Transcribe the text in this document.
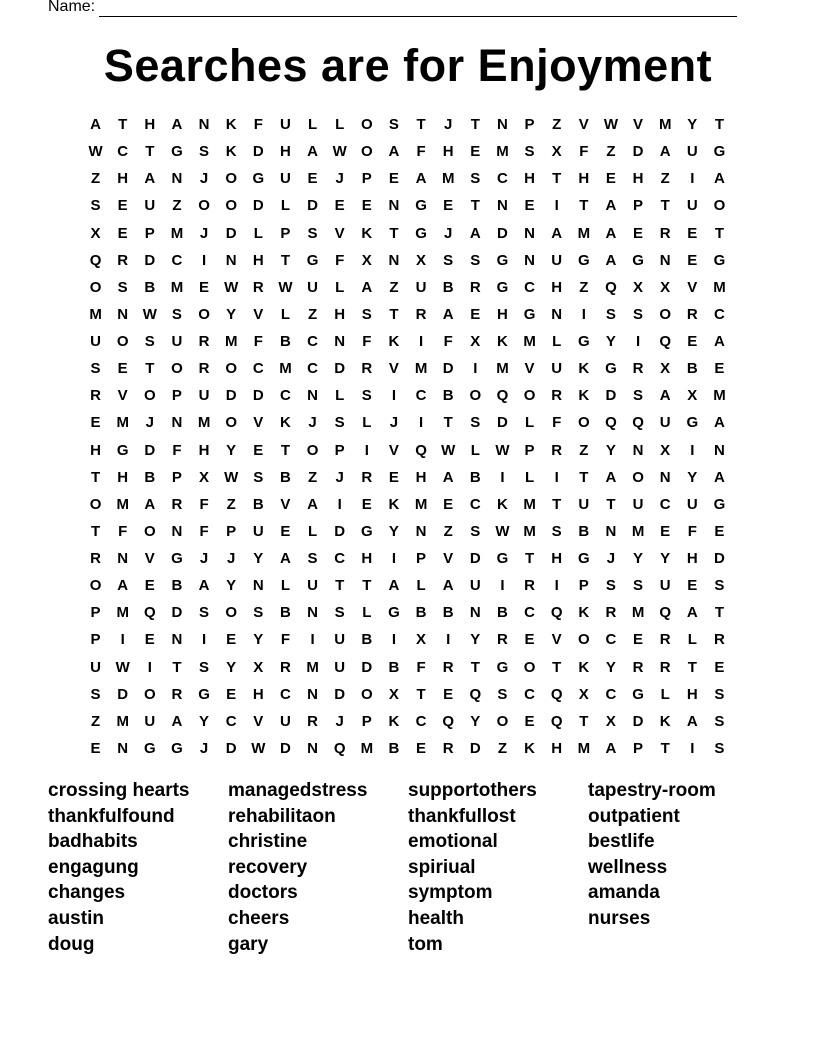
Name:
Searches are for Enjoyment
A	T	H	A	N	K	F	U	L	L	O	S	T	J	T	N	P	Z	V	W	V	M	Y	T
W C	T	G	S	K	D	H	A W O	A	F	H	E	M	S	X	F	Z	D	A	U	G
Z	H	A	N	J	O	G	U	E	J	P	E	A	M	S	C	H	T	H	E	H	Z	I	A
S	E	U	Z	O	O	D	L	D	E	E	N	G	E	T	N	E	I	T	A	P	T	U	O
X	E	P	M	J	D	L	P	S	V	K	T	G	J	A	D	N	A	M	A	E	R	E	T
Q	R	D	C	I	N	H	T	G	F	X	N	X	S	S	G	N	U	G	A	G	N	E	G
O	S	B	M	E	W R W U	L	A	Z	U	B	R	G	C	H	Z	Q	X	X	V	M
M	N W	S	O	Y	V	L	Z	H	S	T	R	A	E	H	G	N	I	S	S	O	R	C
U	O	S	U	R	M	F	B	C	N	F	K	I	F	X	K	M	L	G	Y	I	Q	E	A
S	E	T	O	R	O	C	M	C	D	R	V	M	D	I	M	V	U	K	G	R	X	B	E
R	V	O	P	U	D	D	C	N	L	S	I	C	B	O	Q	O	R	K	D	S	A	X	M
E	M	J	N	M	O	V	K	J	S	L	J	I	T	S	D	L	F	O	Q	Q	U	G	A
H	G	D	F	H	Y	E	T	O	P	I	V	Q W	L	W	P	R	Z	Y	N	X	I	N
T	H	B	P	X	W	S	B	Z	J	R	E	H	A	B	I	L	I	T	A	O	N	Y	A
O	M	A	R	F	Z	B	V	A	I	E	K	M	E	C	K	M	T	U	T	U	C	U	G
T	F	O	N	F	P	U	E	L	D	G	Y	N	Z	S	W M	S	B	N	M	E	F	E
R	N	V	G	J	J	Y	A	S	C	H	I	P	V	D	G	T	H	G	J	Y	Y	H	D
O	A	E	B	A	Y	N	L	U	T	T	A	L	A	U	I	R	I	P	S	S	U	E	S
P	M	Q	D	S	O	S	B	N	S	L	G	B	B	N	B	C	Q	K	R	M	Q	A	T
P	I	E	N	I	E	Y	F	I	U	B	I	X	I	Y	R	E	V	O	C	E	R	L	R
U W	I	T	S	Y	X	R	M	U	D	B	F	R	T	G	O	T	K	Y	R	R	T	E
S	D	O	R	G	E	H	C	N	D	O	X	T	E	Q	S	C	Q	X	C	G	L	H	S
Z	M	U	A	Y	C	V	U	R	J	P	K	C	Q	Y	O	E	Q	T	X	D	K	A	S
E	N	G	G	J	D W D	N	Q	M	B	E	R	D	Z	K	H	M	A	P	T	I	S
crossing hearts	managedstress	supportothers	tapestry-room
thankfulfound	rehabilitaon	thankfullost	outpatient
badhabits	christine	emotional	bestlife
engagung	recovery	spiriual	wellness
changes	doctors	symptom	amanda
austin	cheers	health	nurses
doug	gary	tom
